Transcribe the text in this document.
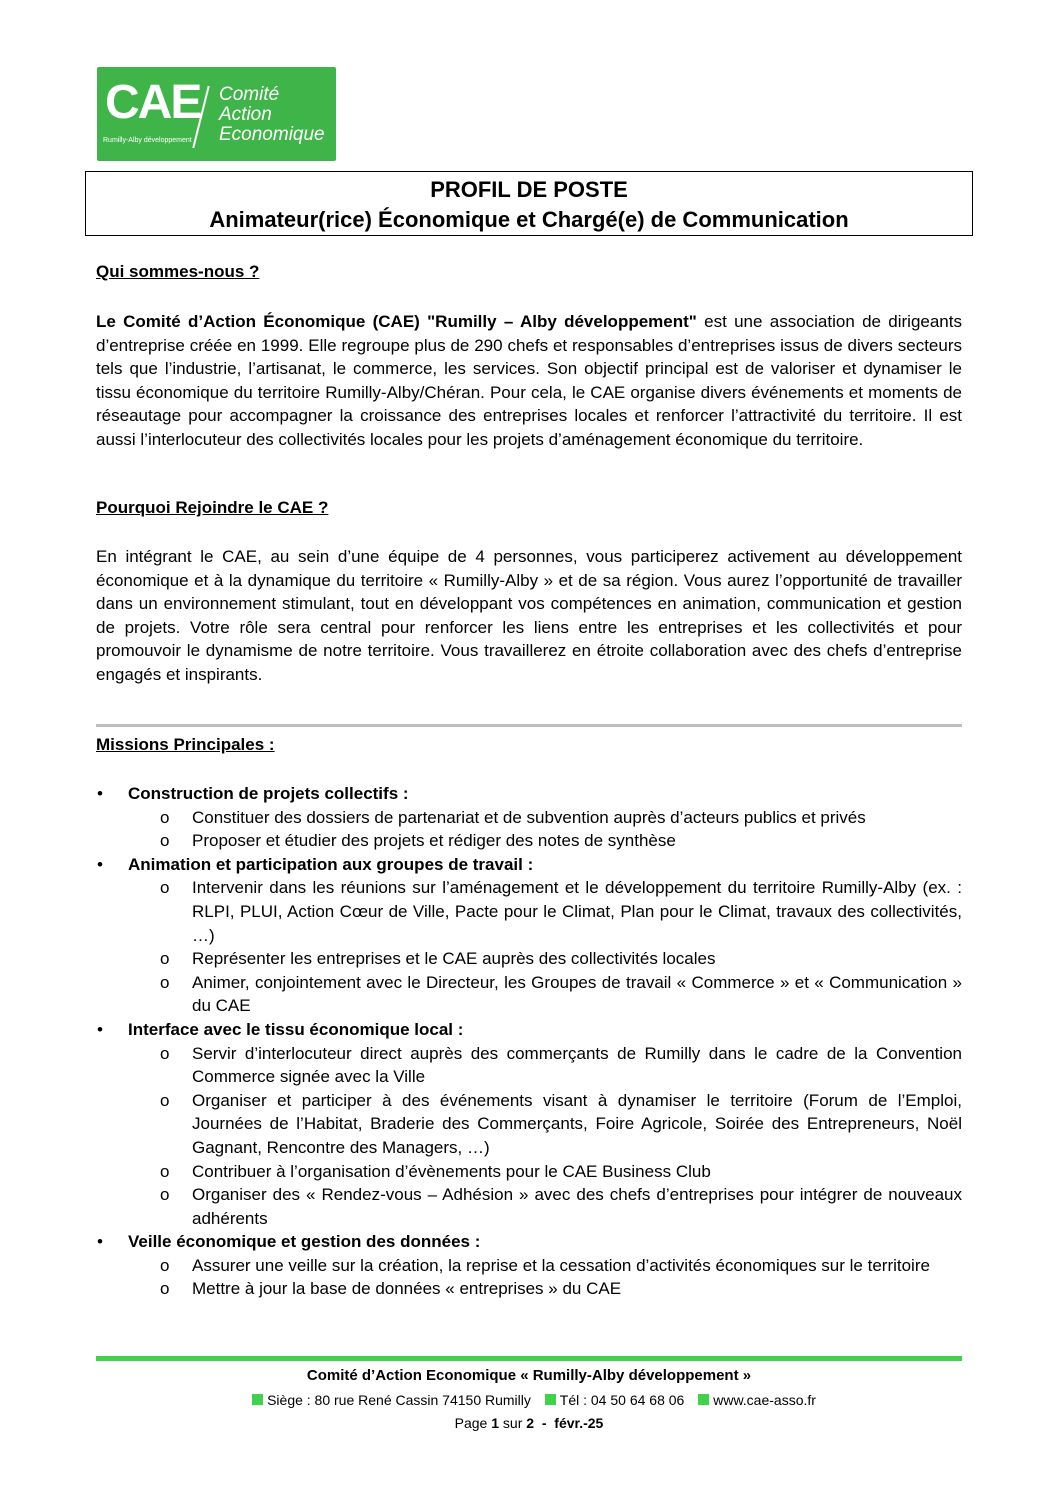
CAE
Rumilly-Alby développement
Comité
Action
Economique
PROFIL DE POSTE
Animateur(rice) Économique et Chargé(e) de Communication
Qui sommes-nous ?
Le Comité d’Action Économique (CAE) "Rumilly – Alby développement" est une association de dirigeants d’entreprise créée en 1999. Elle regroupe plus de 290 chefs et responsables d’entreprises issus de divers secteurs tels que l’industrie, l’artisanat, le commerce, les services. Son objectif principal est de valoriser et dynamiser le tissu économique du territoire Rumilly-Alby/Chéran. Pour cela, le CAE organise divers événements et moments de réseautage pour accompagner la croissance des entreprises locales et renforcer l’attractivité du territoire. Il est aussi l’interlocuteur des collectivités locales pour les projets d’aménagement économique du territoire.
Pourquoi Rejoindre le CAE ?
En intégrant le CAE, au sein d’une équipe de 4 personnes, vous participerez activement au développement économique et à la dynamique du territoire « Rumilly-Alby » et de sa région. Vous aurez l’opportunité de travailler dans un environnement stimulant, tout en développant vos compétences en animation, communication et gestion de projets. Votre rôle sera central pour renforcer les liens entre les entreprises et les collectivités et pour promouvoir le dynamisme de notre territoire. Vous travaillerez en étroite collaboration avec des chefs d’entreprise engagés et inspirants.
Missions Principales :
• Construction de projets collectifs :
o Constituer des dossiers de partenariat et de subvention auprès d’acteurs publics et privés
o Proposer et étudier des projets et rédiger des notes de synthèse
• Animation et participation aux groupes de travail :
o Intervenir dans les réunions sur l’aménagement et le développement du territoire Rumilly-Alby (ex. : RLPI, PLUI, Action Cœur de Ville, Pacte pour le Climat, Plan pour le Climat, travaux des collectivités, …)
o Représenter les entreprises et le CAE auprès des collectivités locales
o Animer, conjointement avec le Directeur, les Groupes de travail « Commerce » et « Communication » du CAE
• Interface avec le tissu économique local :
o Servir d’interlocuteur direct auprès des commerçants de Rumilly dans le cadre de la Convention Commerce signée avec la Ville
o Organiser et participer à des événements visant à dynamiser le territoire (Forum de l’Emploi, Journées de l’Habitat, Braderie des Commerçants, Foire Agricole, Soirée des Entrepreneurs, Noël Gagnant, Rencontre des Managers, …)
o Contribuer à l’organisation d’évènements pour le CAE Business Club
o Organiser des « Rendez-vous – Adhésion » avec des chefs d’entreprises pour intégrer de nouveaux adhérents
• Veille économique et gestion des données :
o Assurer une veille sur la création, la reprise et la cessation d’activités économiques sur le territoire
o Mettre à jour la base de données « entreprises » du CAE
Comité d’Action Economique « Rumilly-Alby développement »
Siège : 80 rue René Cassin 74150 Rumilly Tél : 04 50 64 68 06 www.cae-asso.fr
Page 1 sur 2  -  févr.-25
